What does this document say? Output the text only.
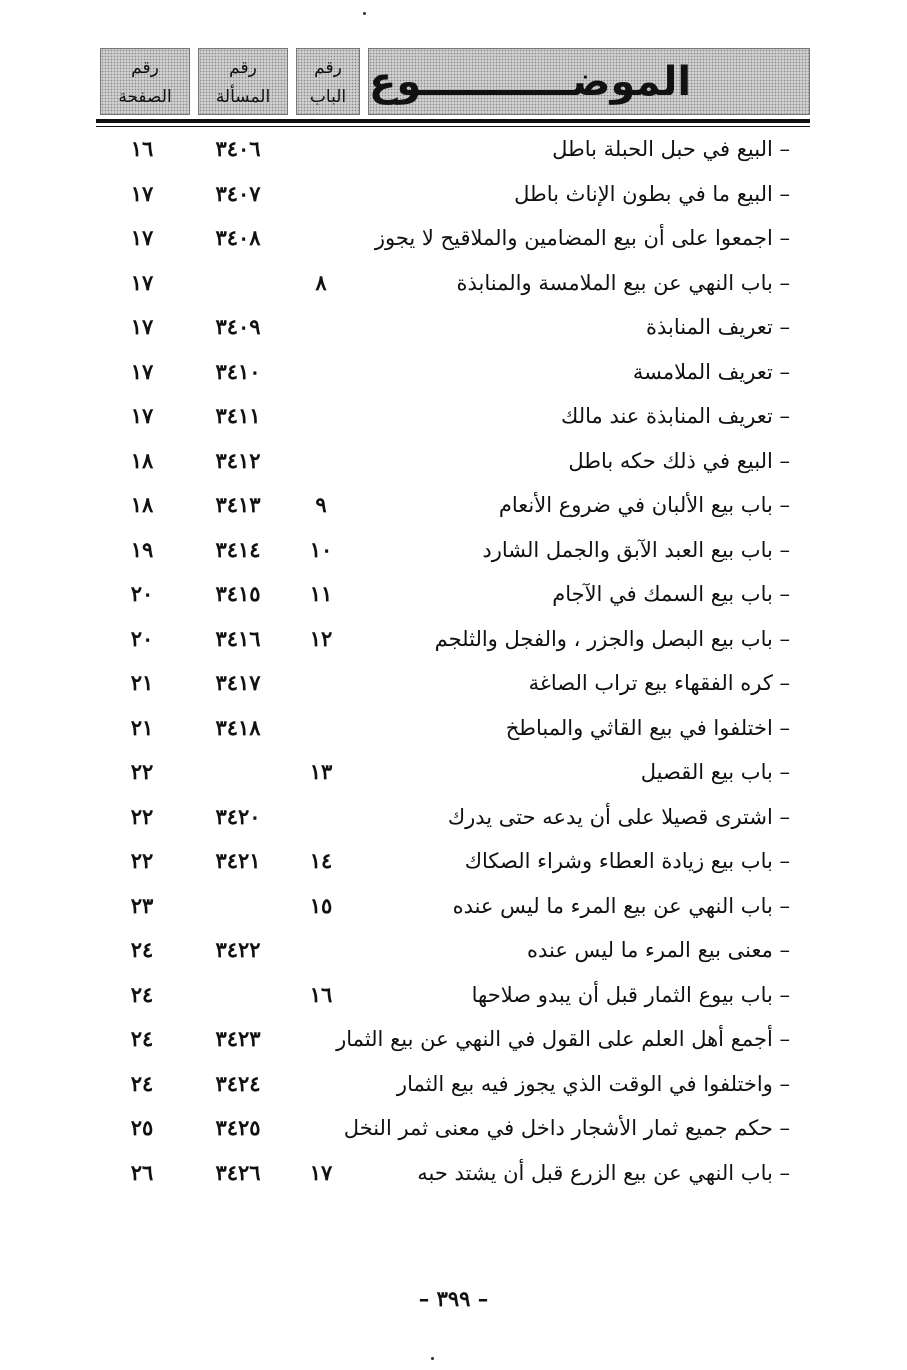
الموضـــــــــــوع
رقم
الباب
رقم
المسألة
رقم
الصفحة
– البيع في حبل الحبلة باطل
٣٤٠٦
١٦
– البيع ما في بطون الإناث باطل
٣٤٠٧
١٧
– اجمعوا على أن بيع المضامين والملاقيح لا يجوز
٣٤٠٨
١٧
– باب النهي عن بيع الملامسة والمنابذة
٨
١٧
– تعريف المنابذة
٣٤٠٩
١٧
– تعريف الملامسة
٣٤١٠
١٧
– تعريف المنابذة عند مالك
٣٤١١
١٧
– البيع في ذلك حكه باطل
٣٤١٢
١٨
– باب بيع الألبان في ضروع الأنعام
٩
٣٤١٣
١٨
– باب بيع العبد الآبق والجمل الشارد
١٠
٣٤١٤
١٩
– باب بيع السمك في الآجام
١١
٣٤١٥
٢٠
– باب بيع البصل والجزر ، والفجل والثلجم
١٢
٣٤١٦
٢٠
– كره الفقهاء بيع تراب الصاغة
٣٤١٧
٢١
– اختلفوا في بيع القاثي والمباطخ
٣٤١٨
٢١
– باب بيع القصيل
١٣
٢٢
– اشترى قصيلا على أن يدعه حتى يدرك
٣٤٢٠
٢٢
– باب بيع زيادة العطاء وشراء الصكاك
١٤
٣٤٢١
٢٢
– باب النهي عن بيع المرء ما ليس عنده
١٥
٢٣
– معنى بيع المرء ما ليس عنده
٣٤٢٢
٢٤
– باب بيوع الثمار قبل أن يبدو صلاحها
١٦
٢٤
– أجمع أهل العلم على القول في النهي عن بيع الثمار
٣٤٢٣
٢٤
– واختلفوا في الوقت الذي يجوز فيه بيع الثمار
٣٤٢٤
٢٤
– حكم جميع ثمار الأشجار داخل في معنى ثمر النخل
٣٤٢٥
٢٥
– باب النهي عن بيع الزرع قبل أن يشتد حبه
١٧
٣٤٢٦
٢٦
– ٣٩٩ –
